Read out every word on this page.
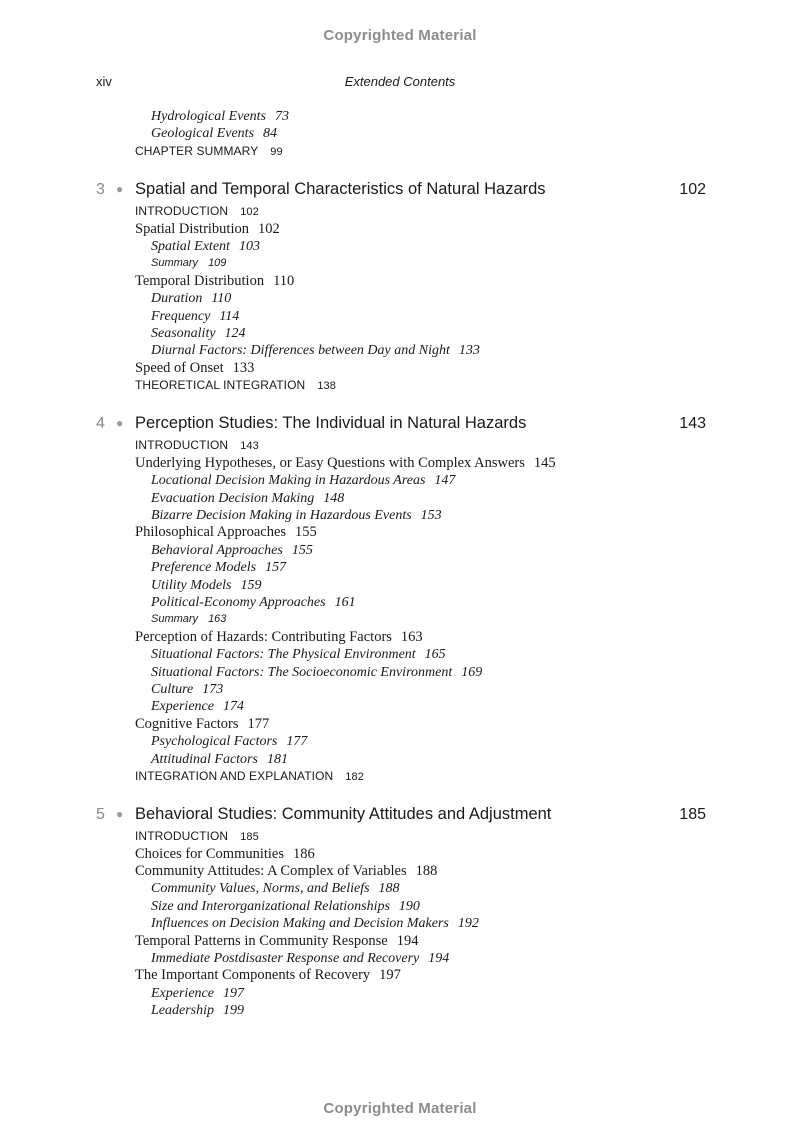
Copyrighted Material
xiv	Extended Contents
Hydrological Events 73
Geological Events 84
CHAPTER SUMMARY 99
3 ● Spatial and Temporal Characteristics of Natural Hazards	102
INTRODUCTION 102
Spatial Distribution 102
Spatial Extent 103
Summary 109
Temporal Distribution 110
Duration 110
Frequency 114
Seasonality 124
Diurnal Factors: Differences between Day and Night 133
Speed of Onset 133
THEORETICAL INTEGRATION 138
4 ● Perception Studies: The Individual in Natural Hazards	143
INTRODUCTION 143
Underlying Hypotheses, or Easy Questions with Complex Answers 145
Locational Decision Making in Hazardous Areas 147
Evacuation Decision Making 148
Bizarre Decision Making in Hazardous Events 153
Philosophical Approaches 155
Behavioral Approaches 155
Preference Models 157
Utility Models 159
Political-Economy Approaches 161
Summary 163
Perception of Hazards: Contributing Factors 163
Situational Factors: The Physical Environment 165
Situational Factors: The Socioeconomic Environment 169
Culture 173
Experience 174
Cognitive Factors 177
Psychological Factors 177
Attitudinal Factors 181
INTEGRATION AND EXPLANATION 182
5 ● Behavioral Studies: Community Attitudes and Adjustment	185
INTRODUCTION 185
Choices for Communities 186
Community Attitudes: A Complex of Variables 188
Community Values, Norms, and Beliefs 188
Size and Interorganizational Relationships 190
Influences on Decision Making and Decision Makers 192
Temporal Patterns in Community Response 194
Immediate Postdisaster Response and Recovery 194
The Important Components of Recovery 197
Experience 197
Leadership 199
Copyrighted Material
